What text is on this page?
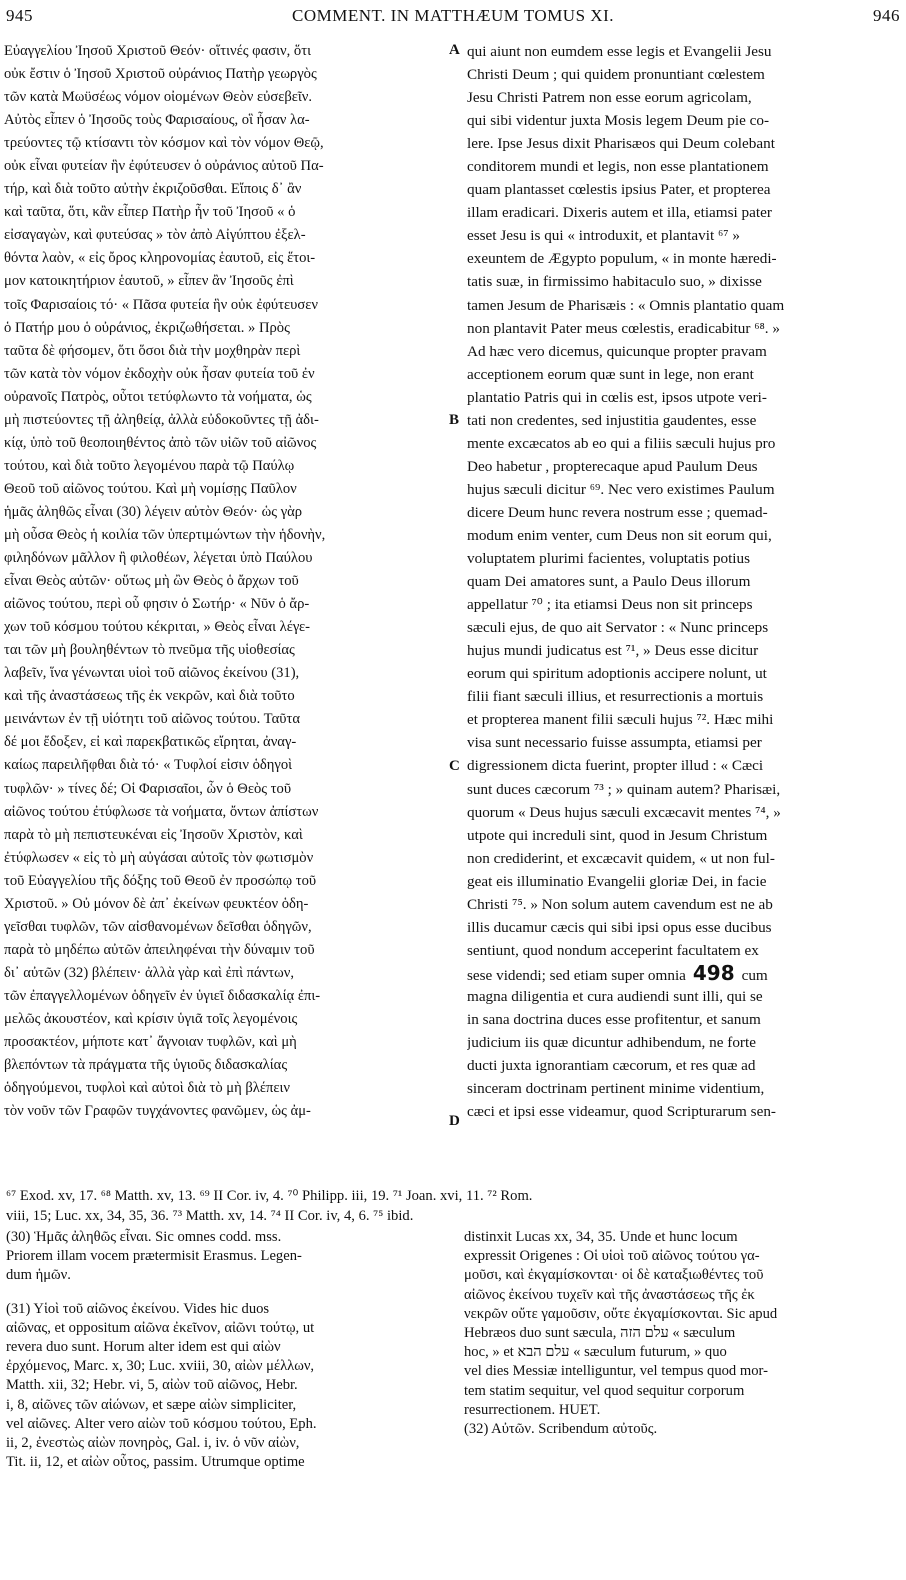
945	COMMENT. IN MATTHÆUM TOMUS XI.	946
Εὐαγγελίου Ἰησοῦ Χριστοῦ Θεόν· οἵτινές φασιν, ὅτι
οὐκ ἔστιν ὁ Ἰησοῦ Χριστοῦ οὐράνιος Πατὴρ γεωργὸς
τῶν κατὰ Μωϋσέως νόμον οἰομένων Θεὸν εὐσεβεῖν.
Αὐτὸς εἶπεν ὁ Ἰησοῦς τοὺς Φαρισαίους, οἳ ἦσαν λα-
τρεύοντες τῷ κτίσαντι τὸν κόσμον καὶ τὸν νόμον Θεῷ,
οὐκ εἶναι φυτείαν ἣν ἐφύτευσεν ὁ οὐράνιος αὐτοῦ Πα-
τήρ, καὶ διὰ τοῦτο αὐτὴν ἐκριζοῦσθαι. Εἴποις δ᾽ ἂν
καὶ ταῦτα, ὅτι, κἂν εἶπερ Πατὴρ ἦν τοῦ Ἰησοῦ « ὁ
εἰσαγαγὼν, καὶ φυτεύσας » τὸν ἀπὸ Αἰγύπτου ἐξελ-
θόντα λαὸν, « εἰς ὄρος κληρονομίας ἑαυτοῦ, εἰς ἕτοι-
μον κατοικητήριον ἑαυτοῦ, » εἶπεν ἂν Ἰησοῦς ἐπὶ
τοῖς Φαρισαίοις τό· « Πᾶσα φυτεία ἣν οὐκ ἐφύτευσεν
ὁ Πατήρ μου ὁ οὐράνιος, ἐκριζωθήσεται. » Πρὸς
ταῦτα δὲ φήσομεν, ὅτι ὅσοι διὰ τὴν μοχθηρὰν περὶ
τῶν κατὰ τὸν νόμον ἐκδοχὴν οὐκ ἦσαν φυτεία τοῦ ἐν
οὐρανοῖς Πατρὸς, οὗτοι τετύφλωντο τὰ νοήματα, ὡς
μὴ πιστεύοντες τῇ ἀληθείᾳ, ἀλλὰ εὐδοκοῦντες τῇ ἀδι-
κίᾳ, ὑπὸ τοῦ θεοποιηθέντος ἀπὸ τῶν υἱῶν τοῦ αἰῶνος
τούτου, καὶ διὰ τοῦτο λεγομένου παρὰ τῷ Παύλῳ
Θεοῦ τοῦ αἰῶνος τούτου. Καὶ μὴ νομίσῃς Παῦλον
ἡμᾶς ἀληθῶς εἶναι (30) λέγειν αὐτὸν Θεόν· ὡς γὰρ
μὴ οὖσα Θεὸς ἡ κοιλία τῶν ὑπερτιμώντων τὴν ἡδονὴν,
φιληδόνων μᾶλλον ἢ φιλοθέων, λέγεται ὑπὸ Παύλου
εἶναι Θεὸς αὐτῶν· οὕτως μὴ ὢν Θεὸς ὁ ἄρχων τοῦ
αἰῶνος τούτου, περὶ οὗ φησιν ὁ Σωτήρ· « Νῦν ὁ ἄρ-
χων τοῦ κόσμου τούτου κέκριται, » Θεὸς εἶναι λέγε-
ται τῶν μὴ βουληθέντων τὸ πνεῦμα τῆς υἱοθεσίας
λαβεῖν, ἵνα γένωνται υἱοὶ τοῦ αἰῶνος ἐκείνου (31),
καὶ τῆς ἀναστάσεως τῆς ἐκ νεκρῶν, καὶ διὰ τοῦτο
μεινάντων ἐν τῇ υἱότητι τοῦ αἰῶνος τούτου. Ταῦτα
δέ μοι ἔδοξεν, εἰ καὶ παρεκβατικῶς εἴρηται, ἀναγ-
καίως παρειλῆφθαι διὰ τό· « Τυφλοί εἰσιν ὁδηγοὶ
τυφλῶν· » τίνες δέ; Οἱ Φαρισαῖοι, ὧν ὁ Θεὸς τοῦ
αἰῶνος τούτου ἐτύφλωσε τὰ νοήματα, ὄντων ἀπίστων
παρὰ τὸ μὴ πεπιστευκέναι εἰς Ἰησοῦν Χριστὸν, καὶ
ἐτύφλωσεν « εἰς τὸ μὴ αὐγάσαι αὐτοῖς τὸν φωτισμὸν
τοῦ Εὐαγγελίου τῆς δόξης τοῦ Θεοῦ ἐν προσώπῳ τοῦ
Χριστοῦ. » Οὐ μόνον δὲ ἀπ᾽ ἐκείνων φευκτέον ὁδη-
γεῖσθαι τυφλῶν, τῶν αἰσθανομένων δεῖσθαι ὁδηγῶν,
παρὰ τὸ μηδέπω αὐτῶν ἀπειληφέναι τὴν δύναμιν τοῦ
δι᾽ αὐτῶν (32) βλέπειν· ἀλλὰ γὰρ καὶ ἐπὶ πάντων,
τῶν ἐπαγγελλομένων ὁδηγεῖν ἐν ὑγιεῖ διδασκαλίᾳ ἐπι-
μελῶς ἀκουστέον, καὶ κρίσιν ὑγιᾶ τοῖς λεγομένοις
προσακτέον, μήποτε κατ᾽ ἄγνοιαν τυφλῶν, καὶ μὴ
βλεπόντων τὰ πράγματα τῆς ὑγιοῦς διδασκαλίας
ὁδηγούμενοι, τυφλοὶ καὶ αὐτοὶ διὰ τὸ μὴ βλέπειν
τὸν νοῦν τῶν Γραφῶν τυγχάνοντες φανῶμεν, ὡς ἀμ-
qui aiunt non eumdem esse legis et Evangelii Jesu
Christi Deum ; qui quidem pronuntiant cœlestem
Jesu Christi Patrem non esse eorum agricolam,
qui sibi videntur juxta Mosis legem Deum pie co-
lere. Ipse Jesus dixit Pharisæos qui Deum colebant
conditorem mundi et legis, non esse plantationem
quam plantasset cœlestis ipsius Pater, et propterea
illam eradicari. Dixeris autem et illa, etiamsi pater
esset Jesu is qui « introduxit, et plantavit ⁶⁷ »
exeuntem de Ægypto populum, « in monte hæredi-
tatis suæ, in firmissimo habitaculo suo, » dixisse
tamen Jesum de Pharisæis : « Omnis plantatio quam
non plantavit Pater meus cœlestis, eradicabitur ⁶⁸. »
Ad hæc vero dicemus, quicunque propter pravam
acceptionem eorum quæ sunt in lege, non erant
plantatio Patris qui in cœlis est, ipsos utpote veri-
tati non credentes, sed injustitia gaudentes, esse
mente excæcatos ab eo qui a filiis sæculi hujus pro
Deo habetur , propterecaque apud Paulum Deus
hujus sæculi dicitur ⁶⁹. Nec vero existimes Paulum
dicere Deum hunc revera nostrum esse ; quemad-
modum enim venter, cum Deus non sit eorum qui,
voluptatem plurimi facientes, voluptatis potius
quam Dei amatores sunt, a Paulo Deus illorum
appellatur ⁷⁰ ; ita etiamsi Deus non sit princeps
sæculi ejus, de quo ait Servator : « Nunc princeps
hujus mundi judicatus est ⁷¹, » Deus esse dicitur
eorum qui spiritum adoptionis accipere nolunt, ut
filii fiant sæculi illius, et resurrectionis a mortuis
et propterea manent filii sæculi hujus ⁷². Hæc mihi
visa sunt necessario fuisse assumpta, etiamsi per
digressionem dicta fuerint, propter illud : « Cæci
sunt duces cæcorum ⁷³ ; » quinam autem? Pharisæi,
quorum « Deus hujus sæculi excæcavit mentes ⁷⁴, »
utpote qui increduli sint, quod in Jesum Christum
non crediderint, et excæcavit quidem, « ut non ful-
geat eis illuminatio Evangelii gloriæ Dei, in facie
Christi ⁷⁵. » Non solum autem cavendum est ne ab
illis ducamur cæcis qui sibi ipsi opus esse ducibus
sentiunt, quod nondum acceperint facultatem ex
sese videndi; sed etiam super omnia 498 cum
magna diligentia et cura audiendi sunt illi, qui se
in sana doctrina duces esse profitentur, et sanum
judicium iis quæ dicuntur adhibendum, ne forte
ducti juxta ignorantiam cæcorum, et res quæ ad
sinceram doctrinam pertinent minime videntium,
cæci et ipsi esse videamur, quod Scripturarum sen-
A
B
C
D
⁶⁷ Exod. xv, 17. ⁶⁸ Matth. xv, 13. ⁶⁹ II Cor. iv, 4. ⁷⁰ Philipp. iii, 19. ⁷¹ Joan. xvi, 11. ⁷² Rom.
viii, 15; Luc. xx, 34, 35, 36. ⁷³ Matth. xv, 14. ⁷⁴ II Cor. iv, 4, 6. ⁷⁵ ibid.
(30) Ἡμᾶς ἀληθῶς εἶναι. Sic omnes codd. mss.
Priorem illam vocem prætermisit Erasmus. Legen-
dum ἡμῶν.
(31) Υἱοὶ τοῦ αἰῶνος ἐκείνου. Vides hic duos
αἰῶνας, et oppositum αἰῶνα ἐκεῖνον, αἰῶνι τούτῳ, ut
revera duo sunt. Horum alter idem est qui αἰὼν
ἐρχόμενος, Marc. x, 30; Luc. xviii, 30, αἰὼν μέλλων,
Matth. xii, 32; Hebr. vi, 5, αἰὼν τοῦ αἰῶνος, Hebr.
i, 8, αἰῶνες τῶν αἰώνων, et sæpe αἰὼν simpliciter,
vel αἰῶνες. Alter vero αἰὼν τοῦ κόσμου τούτου, Eph.
ii, 2, ἐνεστὼς αἰὼν πονηρὸς, Gal. i, iv. ὁ νῦν αἰὼν,
Tit. ii, 12, et αἰὼν οὗτος, passim. Utrumque optime
distinxit Lucas xx, 34, 35. Unde et hunc locum
expressit Origenes : Οἱ υἱοὶ τοῦ αἰῶνος τούτου γα-
μοῦσι, καὶ ἐκγαμίσκονται· οἱ δὲ καταξιωθέντες τοῦ
αἰῶνος ἐκείνου τυχεῖν καὶ τῆς ἀναστάσεως τῆς ἐκ
νεκρῶν οὔτε γαμοῦσιν, οὔτε ἐκγαμίσκονται. Sic apud
Hebræos duo sunt sæcula, עלם הזה « sæculum
hoc, » et עלם הבא « sæculum futurum, » quo
vel dies Messiæ intelliguntur, vel tempus quod mor-
tem statim sequitur, vel quod sequitur corporum
resurrectionem. HUET.
(32) Αὐτῶν. Scribendum αὐτοῦς.
